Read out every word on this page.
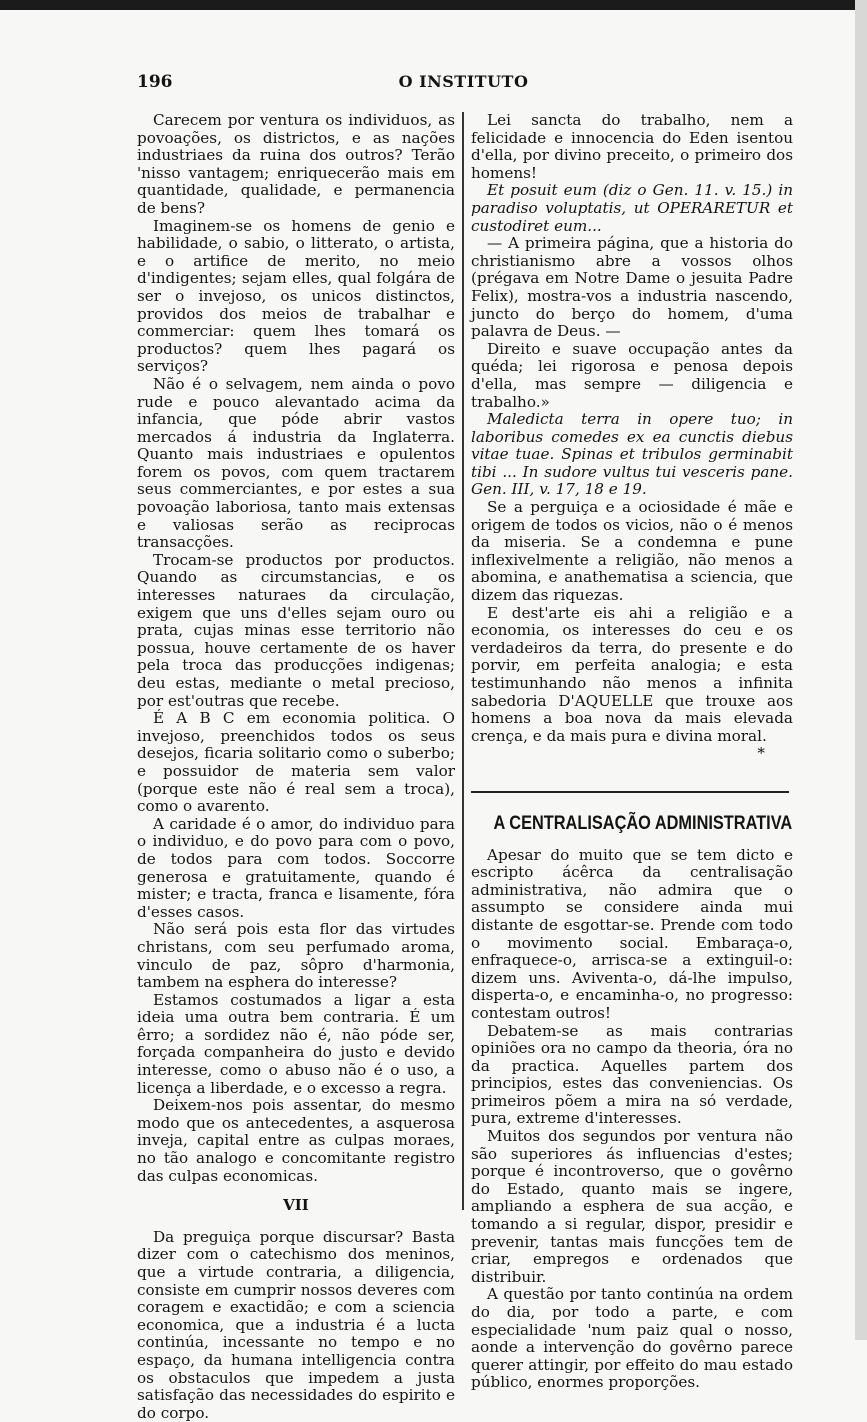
196	O INSTITUTO

Carecem por ventura os individuos, as povoações, os districtos, e as nações industriaes da ruina dos outros? Terão 'nisso vantagem; enriquecerão mais em quantidade, qualidade, e permanencia de bens?

Imaginem-se os homens de genio e habilidade, o sabio, o litterato, o artista, e o artifice de merito, no meio d'indigentes; sejam elles, qual folgára de ser o invejoso, os unicos distinctos, providos dos meios de trabalhar e commerciar: quem lhes tomará os productos? quem lhes pagará os serviços?

Não é o selvagem, nem ainda o povo rude e pouco alevantado acima da infancia, que póde abrir vastos mercados á industria da Inglaterra. Quanto mais industriaes e opulentos forem os povos, com quem tractarem seus commerciantes, e por estes a sua povoação laboriosa, tanto mais extensas e valiosas serão as reciprocas transacções.

Trocam-se productos por productos. Quando as circumstancias, e os interesses naturaes da circulação, exigem que uns d'elles sejam ouro ou prata, cujas minas esse territorio não possua, houve certamente de os haver pela troca das producções indigenas; deu estas, mediante o metal precioso, por est'outras que recebe.

É A B C em economia politica. O invejoso, preenchidos todos os seus desejos, ficaria solitario como o suberbo; e possuidor de materia sem valor (porque este não é real sem a troca), como o avarento.

A caridade é o amor, do individuo para o individuo, e do povo para com o povo, de todos para com todos. Soccorre generosa e gratuitamente, quando é mister; e tracta, franca e lisamente, fóra d'esses casos.

Não será pois esta flor das virtudes christans, com seu perfumado aroma, vinculo de paz, sôpro d'harmonia, tambem na esphera do interesse?

Estamos costumados a ligar a esta ideia uma outra bem contraria. É um êrro; a sordidez não é, não póde ser, forçada companheira do justo e devido interesse, como o abuso não é o uso, a licença a liberdade, e o excesso a regra.

Deixem-nos pois assentar, do mesmo modo que os antecedentes, a asquerosa inveja, capital entre as culpas moraes, no tão analogo e concomitante registro das culpas economicas.

VII

Da preguiça porque discursar? Basta dizer com o catechismo dos meninos, que a virtude contraria, a diligencia, consiste em cumprir nossos deveres com coragem e exactidão; e com a sciencia economica, que a industria é a lucta continúa, incessante no tempo e no espaço, da humana intelligencia contra os obstaculos que impedem a justa satisfação das necessidades do espirito e do corpo.

Lei sancta do trabalho, nem a felicidade e innocencia do Eden isentou d'ella, por divino preceito, o primeiro dos homens!

Et posuit eum (diz o Gen. 11. v. 15.) in paradiso voluptatis, ut OPERARETUR et custodiret eum...

— A primeira página, que a historia do christianismo abre a vossos olhos (prégava em Notre Dame o jesuita Padre Felix), mostra-vos a industria nascendo, juncto do berço do homem, d'uma palavra de Deus. —

Direito e suave occupação antes da quéda; lei rigorosa e penosa depois d'ella, mas sempre — diligencia e trabalho.»

Maledicta terra in opere tuo; in laboribus comedes ex ea cunctis diebus vitae tuae. Spinas et tribulos germinabit tibi ... In sudore vultus tui vesceris pane. Gen. III, v. 17, 18 e 19.

Se a perguiça e a ociosidade é mãe e origem de todos os vicios, não o é menos da miseria. Se a condemna e pune inflexivelmente a religião, não menos a abomina, e anathematisa a sciencia, que dizem das riquezas.

E dest'arte eis ahi a religião e a economia, os interesses do ceu e os verdadeiros da terra, do presente e do porvir, em perfeita analogia; e esta testimunhando não menos a infinita sabedoria D'AQUELLE que trouxe aos homens a boa nova da mais elevada crença, e da mais pura e divina moral.

*

A CENTRALISAÇÃO ADMINISTRATIVA

Apesar do muito que se tem dicto e escripto ácêrca da centralisação administrativa, não admira que o assumpto se considere ainda mui distante de esgottar-se. Prende com todo o movimento social. Embaraça-o, enfraquece-o, arrisca-se a extinguil-o: dizem uns. Aviventa-o, dá-lhe impulso, disperta-o, e encaminha-o, no progresso: contestam outros!

Debatem-se as mais contrarias opiniões ora no campo da theoria, óra no da practica. Aquelles partem dos principios, estes das conveniencias. Os primeiros põem a mira na só verdade, pura, extreme d'interesses.

Muitos dos segundos por ventura não são superiores ás influencias d'estes; porque é incontroverso, que o govêrno do Estado, quanto mais se ingere, ampliando a esphera de sua acção, e tomando a si regular, dispor, presidir e prevenir, tantas mais funcções tem de criar, empregos e ordenados que distribuir.

A questão por tanto continúa na ordem do dia, por todo a parte, e com especialidade 'num paiz qual o nosso, aonde a intervenção do govêrno parece querer attingir, por effeito do mau estado público, enormes proporções.
